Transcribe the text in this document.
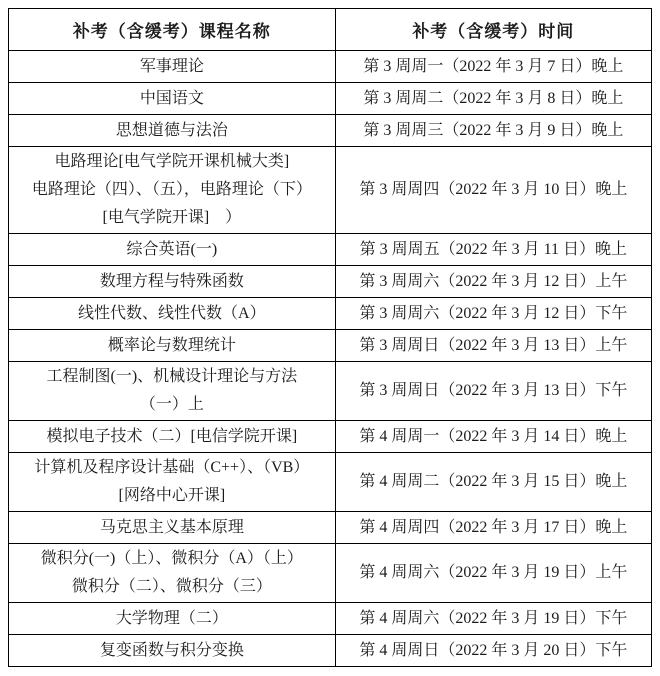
补考（含缓考）课程名称	补考（含缓考）时间

军事理论	第 3 周周一（2022 年 3 月 7 日）晚上

中国语文	第 3 周周二（2022 年 3 月 8 日）晚上

思想道德与法治	第 3 周周三（2022 年 3 月 9 日）晚上

电路理论[电气学院开课机械大类]
电路理论（四）、（五），电路理论（下）
[电气学院开课]　）	第 3 周周四（2022 年 3 月 10 日）晚上

综合英语(一)	第 3 周周五（2022 年 3 月 11 日）晚上

数理方程与特殊函数	第 3 周周六（2022 年 3 月 12 日）上午

线性代数、线性代数（A）	第 3 周周六（2022 年 3 月 12 日）下午

概率论与数理统计	第 3 周周日（2022 年 3 月 13 日）上午

工程制图(一)、机械设计理论与方法
（一）上	第 3 周周日（2022 年 3 月 13 日）下午

模拟电子技术（二）[电信学院开课]	第 4 周周一（2022 年 3 月 14 日）晚上

计算机及程序设计基础（C++）、（VB）
[网络中心开课]	第 4 周周二（2022 年 3 月 15 日）晚上

马克思主义基本原理	第 4 周周四（2022 年 3 月 17 日）晚上

微积分(一)（上）、微积分（A）（上）
微积分（二）、微积分（三）	第 4 周周六（2022 年 3 月 19 日）上午

大学物理（二）	第 4 周周六（2022 年 3 月 19 日）下午

复变函数与积分变换	第 4 周周日（2022 年 3 月 20 日）下午
